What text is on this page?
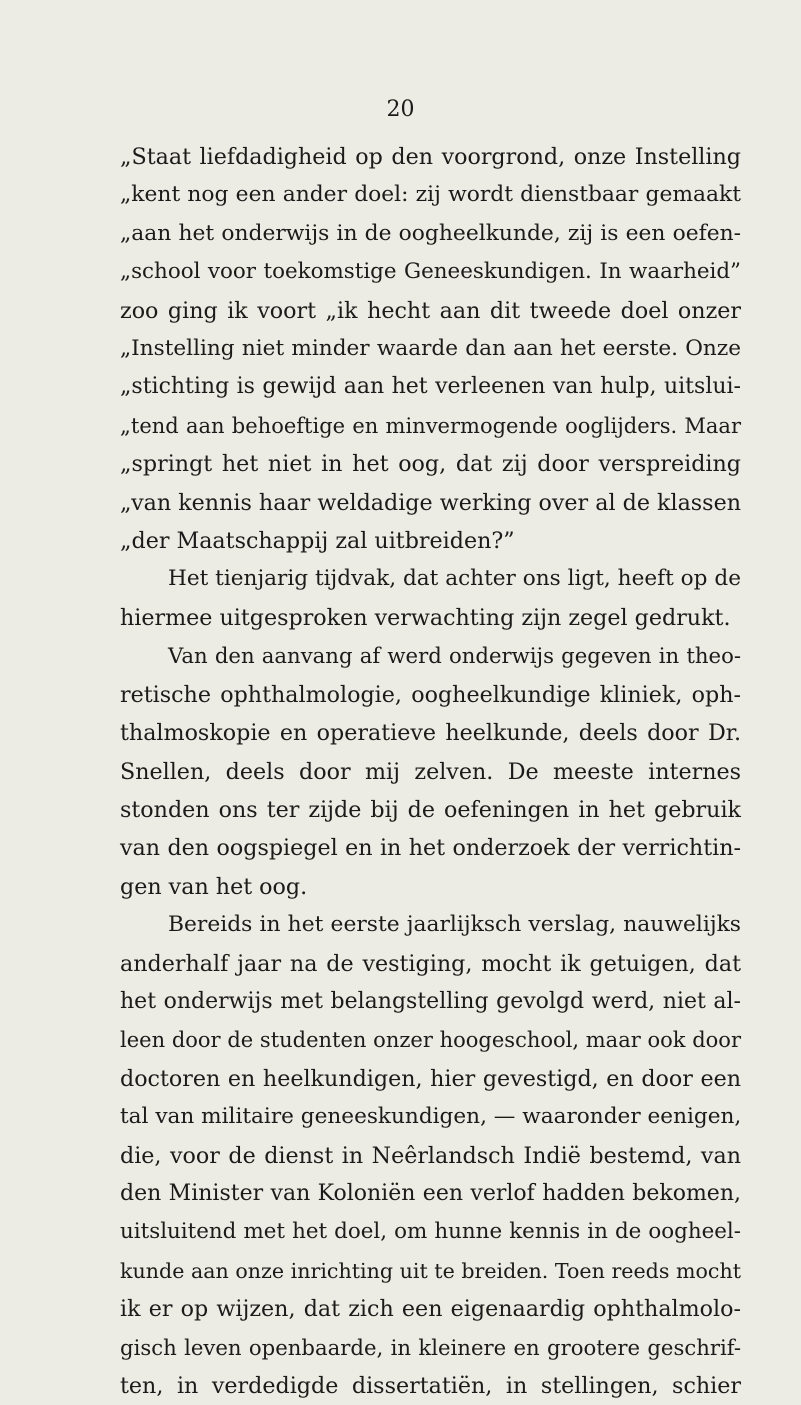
20
„Staat liefdadigheid op den voorgrond, onze Instelling
„kent nog een ander doel: zij wordt dienstbaar gemaakt
„aan het onderwijs in de oogheelkunde, zij is een oefen-
„school voor toekomstige Geneeskundigen. In waarheid”
zoo ging ik voort „ik hecht aan dit tweede doel onzer
„Instelling niet minder waarde dan aan het eerste. Onze
„stichting is gewijd aan het verleenen van hulp, uitslui-
„tend aan behoeftige en minvermogende ooglijders. Maar
„springt het niet in het oog, dat zij door verspreiding
„van kennis haar weldadige werking over al de klassen
„der Maatschappij zal uitbreiden?”
Het tienjarig tijdvak, dat achter ons ligt, heeft op de
hiermee uitgesproken verwachting zijn zegel gedrukt.
Van den aanvang af werd onderwijs gegeven in theo-
retische ophthalmologie, oogheelkundige kliniek, oph-
thalmoskopie en operatieve heelkunde, deels door Dr.
Snellen, deels door mij zelven. De meeste internes
stonden ons ter zijde bij de oefeningen in het gebruik
van den oogspiegel en in het onderzoek der verrichtin-
gen van het oog.
Bereids in het eerste jaarlijksch verslag, nauwelijks
anderhalf jaar na de vestiging, mocht ik getuigen, dat
het onderwijs met belangstelling gevolgd werd, niet al-
leen door de studenten onzer hoogeschool, maar ook door
doctoren en heelkundigen, hier gevestigd, en door een
tal van militaire geneeskundigen, — waaronder eenigen,
die, voor de dienst in Neêrlandsch Indië bestemd, van
den Minister van Koloniën een verlof hadden bekomen,
uitsluitend met het doel, om hunne kennis in de oogheel-
kunde aan onze inrichting uit te breiden. Toen reeds mocht
ik er op wijzen, dat zich een eigenaardig ophthalmolo-
gisch leven openbaarde, in kleinere en grootere geschrif-
ten, in verdedigde dissertatiën, in stellingen, schier
